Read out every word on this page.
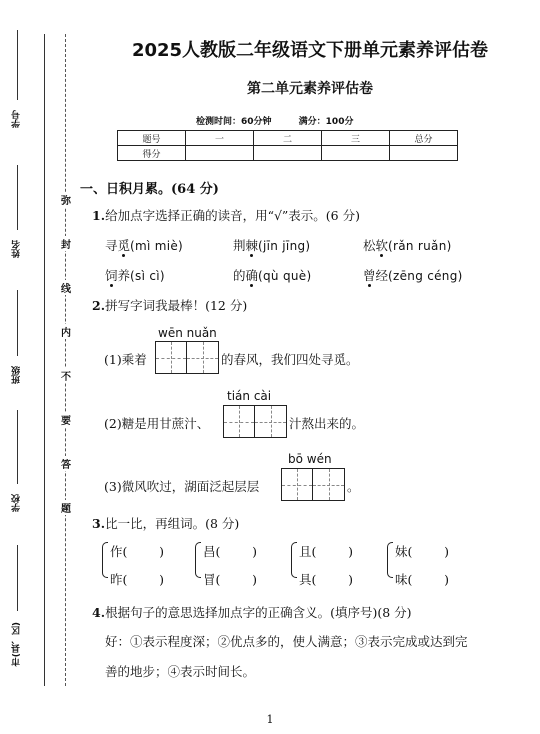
学号
姓名
班级
学校
市(县、区)
弥
封
线
内
不
要
答
题
2025人教版二年级语文下册单元素养评估卷
第二单元素养评估卷
检测时间：60分钟	满分：100分
题号	一	二	三	总分
得分				
一、日积月累。(64 分)
1.给加点字选择正确的读音，用“√”表示。(6 分)
寻觅(mì miè)	荆棘(jīn jīng)	松软(rǎn ruǎn)
饲养(sì cì)	的确(qù què)	曾经(zēng céng)
2.拼写字词我最棒！(12 分)
wēn nuǎn
(1)乘着	的春风，我们四处寻觅。
tián cài
(2)糖是用甘蔗汁、	汁熬出来的。
bō wén
(3)微风吹过，湖面泛起层层	。
3.比一比，再组词。(8 分)
作(        )
昨(        )
昌(        )
冒(        )
且(        )
具(        )
妹(        )
味(        )
4.根据句子的意思选择加点字的正确含义。(填序号)(8 分)
好：①表示程度深；②优点多的，使人满意；③表示完成或达到完
善的地步；④表示时间长。
1
